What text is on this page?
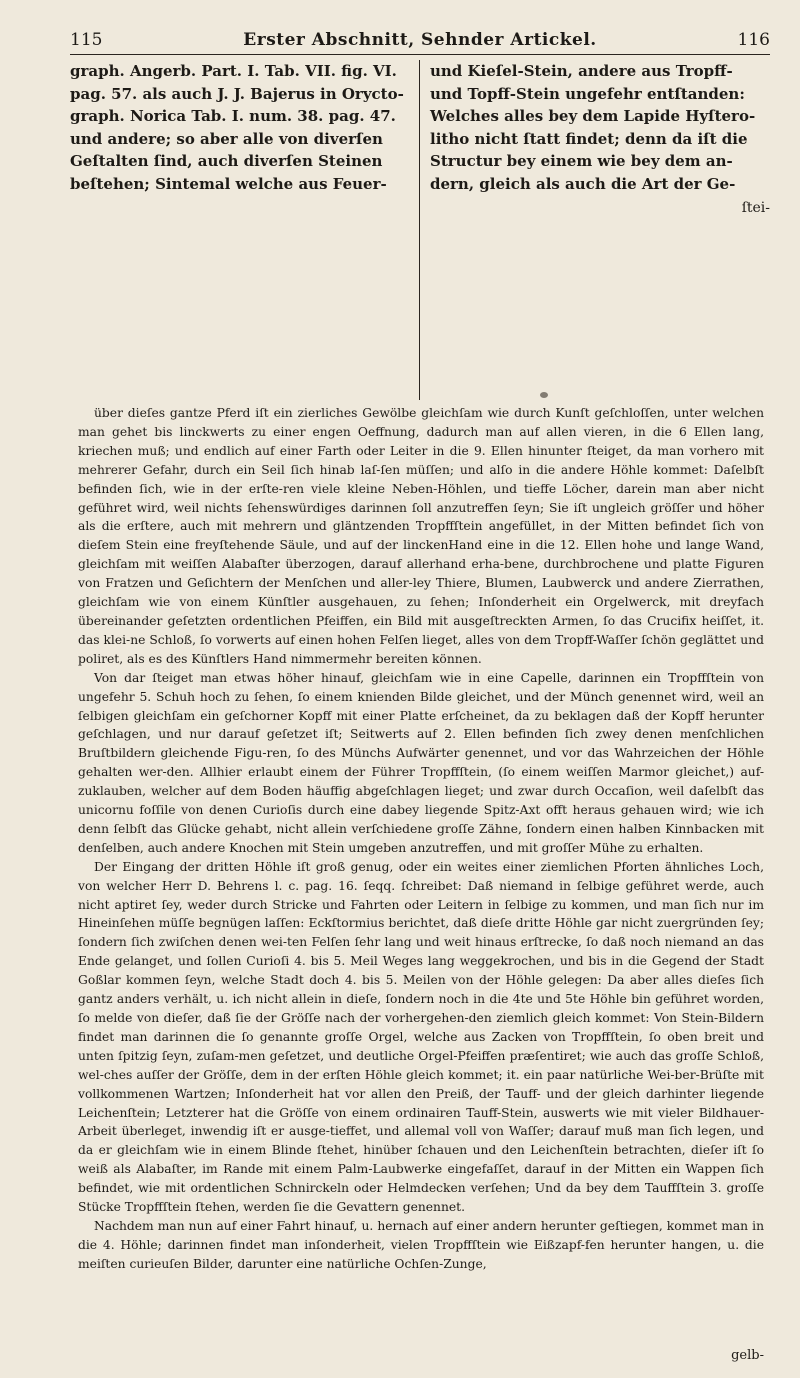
115	Erster Abschnitt, Sehnder Artickel.	116

graph. Angerb. Part. I. Tab. VII. fig. VI. pag. 57. als auch J. J. Bajerus in Orycto-graph. Norica Tab. I. num. 38. pag. 47. und andere; so aber alle von diverſen Geſtalten ſind, auch diverſen Steinen beſtehen; Sintemal welche aus Feuer-

und Kieſel-Stein, andere aus Tropff- und Topff-Stein ungefehr entſtanden: Welches alles bey dem Lapide Hyſtero-litho nicht ſtatt findet; denn da iſt die Structur bey einem wie bey dem an-dern, gleich als auch die Art der Ge-

ſtei-

über dieſes gantze Pferd iſt ein zierliches Gewölbe gleichſam wie durch Kunſt geſchloſſen, unter welchen man gehet bis linckwerts zu einer engen Oeffnung, dadurch man auf allen vieren, in die 6 Ellen lang, kriechen muß; und endlich auf einer Farth oder Leiter in die 9. Ellen hinunter ſteiget, da man vorhero mit mehrerer Gefahr, durch ein Seil ſich hinab laſ-ſen müſſen; und alſo in die andere Höhle kommet: Daſelbſt befinden ſich, wie in der erſte-ren viele kleine Neben-Höhlen, und tieffe Löcher, darein man aber nicht geführet wird, weil nichts ſehenswürdiges darinnen ſoll anzutreffen ſeyn; Sie iſt ungleich gröſſer und höher als die erſtere, auch mit mehrern und gläntzenden Tropffſtein angefüllet, in der Mitten befindet ſich von dieſem Stein eine freyſtehende Säule, und auf der linckenHand eine in die 12. Ellen hohe und lange Wand, gleichſam mit weiſſen Alabaſter überzogen, darauf allerhand erha-bene, durchbrochene und platte Figuren von Fratzen und Geſichtern der Menſchen und aller-ley Thiere, Blumen, Laubwerck und andere Zierrathen, gleichſam wie von einem Künſtler ausgehauen, zu ſehen; Inſonderheit ein Orgelwerck, mit dreyfach übereinander geſetzten ordentlichen Pfeiffen, ein Bild mit ausgeſtreckten Armen, ſo das Crucifix heiſſet, it. das klei-ne Schloß, ſo vorwerts auf einen hohen Felſen lieget, alles von dem Tropff-Waſſer ſchön geglättet und poliret, als es des Künſtlers Hand nimmermehr bereiten können.

Von dar ſteiget man etwas höher hinauf, gleichſam wie in eine Capelle, darinnen ein Tropffſtein von ungefehr 5. Schuh hoch zu ſehen, ſo einem knienden Bilde gleichet, und der Münch genennet wird, weil an ſelbigen gleichſam ein geſchorner Kopff mit einer Platte erſcheinet, da zu beklagen daß der Kopff herunter geſchlagen, und nur darauf geſetzet iſt; Seitwerts auf 2. Ellen befinden ſich zwey denen menſchlichen Bruſtbildern gleichende Figu-ren, ſo des Münchs Aufwärter genennet, und vor das Wahrzeichen der Höhle gehalten wer-den. Allhier erlaubt einem der Führer Tropffſtein, (ſo einem weiſſen Marmor gleichet,) auf-zuklauben, welcher auf dem Boden häuffig abgeſchlagen lieget; und zwar durch Occaſion, weil daſelbſt das unicornu foſſile von denen Curioſis durch eine dabey liegende Spitz-Axt offt heraus gehauen wird; wie ich denn ſelbſt das Glücke gehabt, nicht allein verſchiedene groſſe Zähne, ſondern einen halben Kinnbacken mit denſelben, auch andere Knochen mit Stein umgeben anzutreffen, und mit groſſer Mühe zu erhalten.

Der Eingang der dritten Höhle iſt groß genug, oder ein weites einer ziemlichen Pforten ähnliches Loch, von welcher Herr D. Behrens l. c. pag. 16. ſeqq. ſchreibet: Daß niemand in ſelbige geführet werde, auch nicht aptiret ſey, weder durch Stricke und Fahrten oder Leitern in ſelbige zu kommen, und man ſich nur im Hineinſehen müſſe begnügen laſſen: Eckſtormius berichtet, daß dieſe dritte Höhle gar nicht zuergründen ſey; ſondern ſich zwiſchen denen wei-ten Felſen ſehr lang und weit hinaus erſtrecke, ſo daß noch niemand an das Ende gelanget, und ſollen Curioſi 4. bis 5. Meil Weges lang weggekrochen, und bis in die Gegend der Stadt Goßlar kommen ſeyn, welche Stadt doch 4. bis 5. Meilen von der Höhle gelegen: Da aber alles dieſes ſich gantz anders verhält, u. ich nicht allein in dieſe, ſondern noch in die 4te und 5te Höhle bin geführet worden, ſo melde von dieſer, daß ſie der Gröſſe nach der vorhergehen-den ziemlich gleich kommet: Von Stein-Bildern findet man darinnen die ſo genannte groſſe Orgel, welche aus Zacken von Tropffſtein, ſo oben breit und unten ſpitzig ſeyn, zuſam-men geſetzet, und deutliche Orgel-Pfeiffen præſentiret; wie auch das groſſe Schloß, wel-ches auſſer der Gröſſe, dem in der erſten Höhle gleich kommet; it. ein paar natürliche Wei-ber-Brüſte mit vollkommenen Wartzen; Inſonderheit hat vor allen den Preiß, der Tauff- und der gleich darhinter liegende Leichenſtein; Letzterer hat die Gröſſe von einem ordinairen Tauff-Stein, auswerts wie mit vieler Bildhauer-Arbeit überleget, inwendig iſt er ausge-tieffet, und allemal voll von Waſſer; darauf muß man ſich legen, und da er gleichſam wie in einem Blinde ſtehet, hinüber ſchauen und den Leichenſtein betrachten, dieſer iſt ſo weiß als Alabaſter, im Rande mit einem Palm-Laubwerke eingefaſſet, darauf in der Mitten ein Wappen ſich befindet, wie mit ordentlichen Schnirckeln oder Helmdecken verſehen; Und da bey dem Tauffſtein 3. groſſe Stücke Tropffſtein ſtehen, werden ſie die Gevattern genennet.

Nachdem man nun auf einer Fahrt hinauf, u. hernach auf einer andern herunter geſtiegen, kommet man in die 4. Höhle; darinnen findet man inſonderheit, vielen Tropffſtein wie Eißzapf-fen herunter hangen, u. die meiſten curieuſen Bilder, darunter eine natürliche Ochſen-Zunge,

gelb-
